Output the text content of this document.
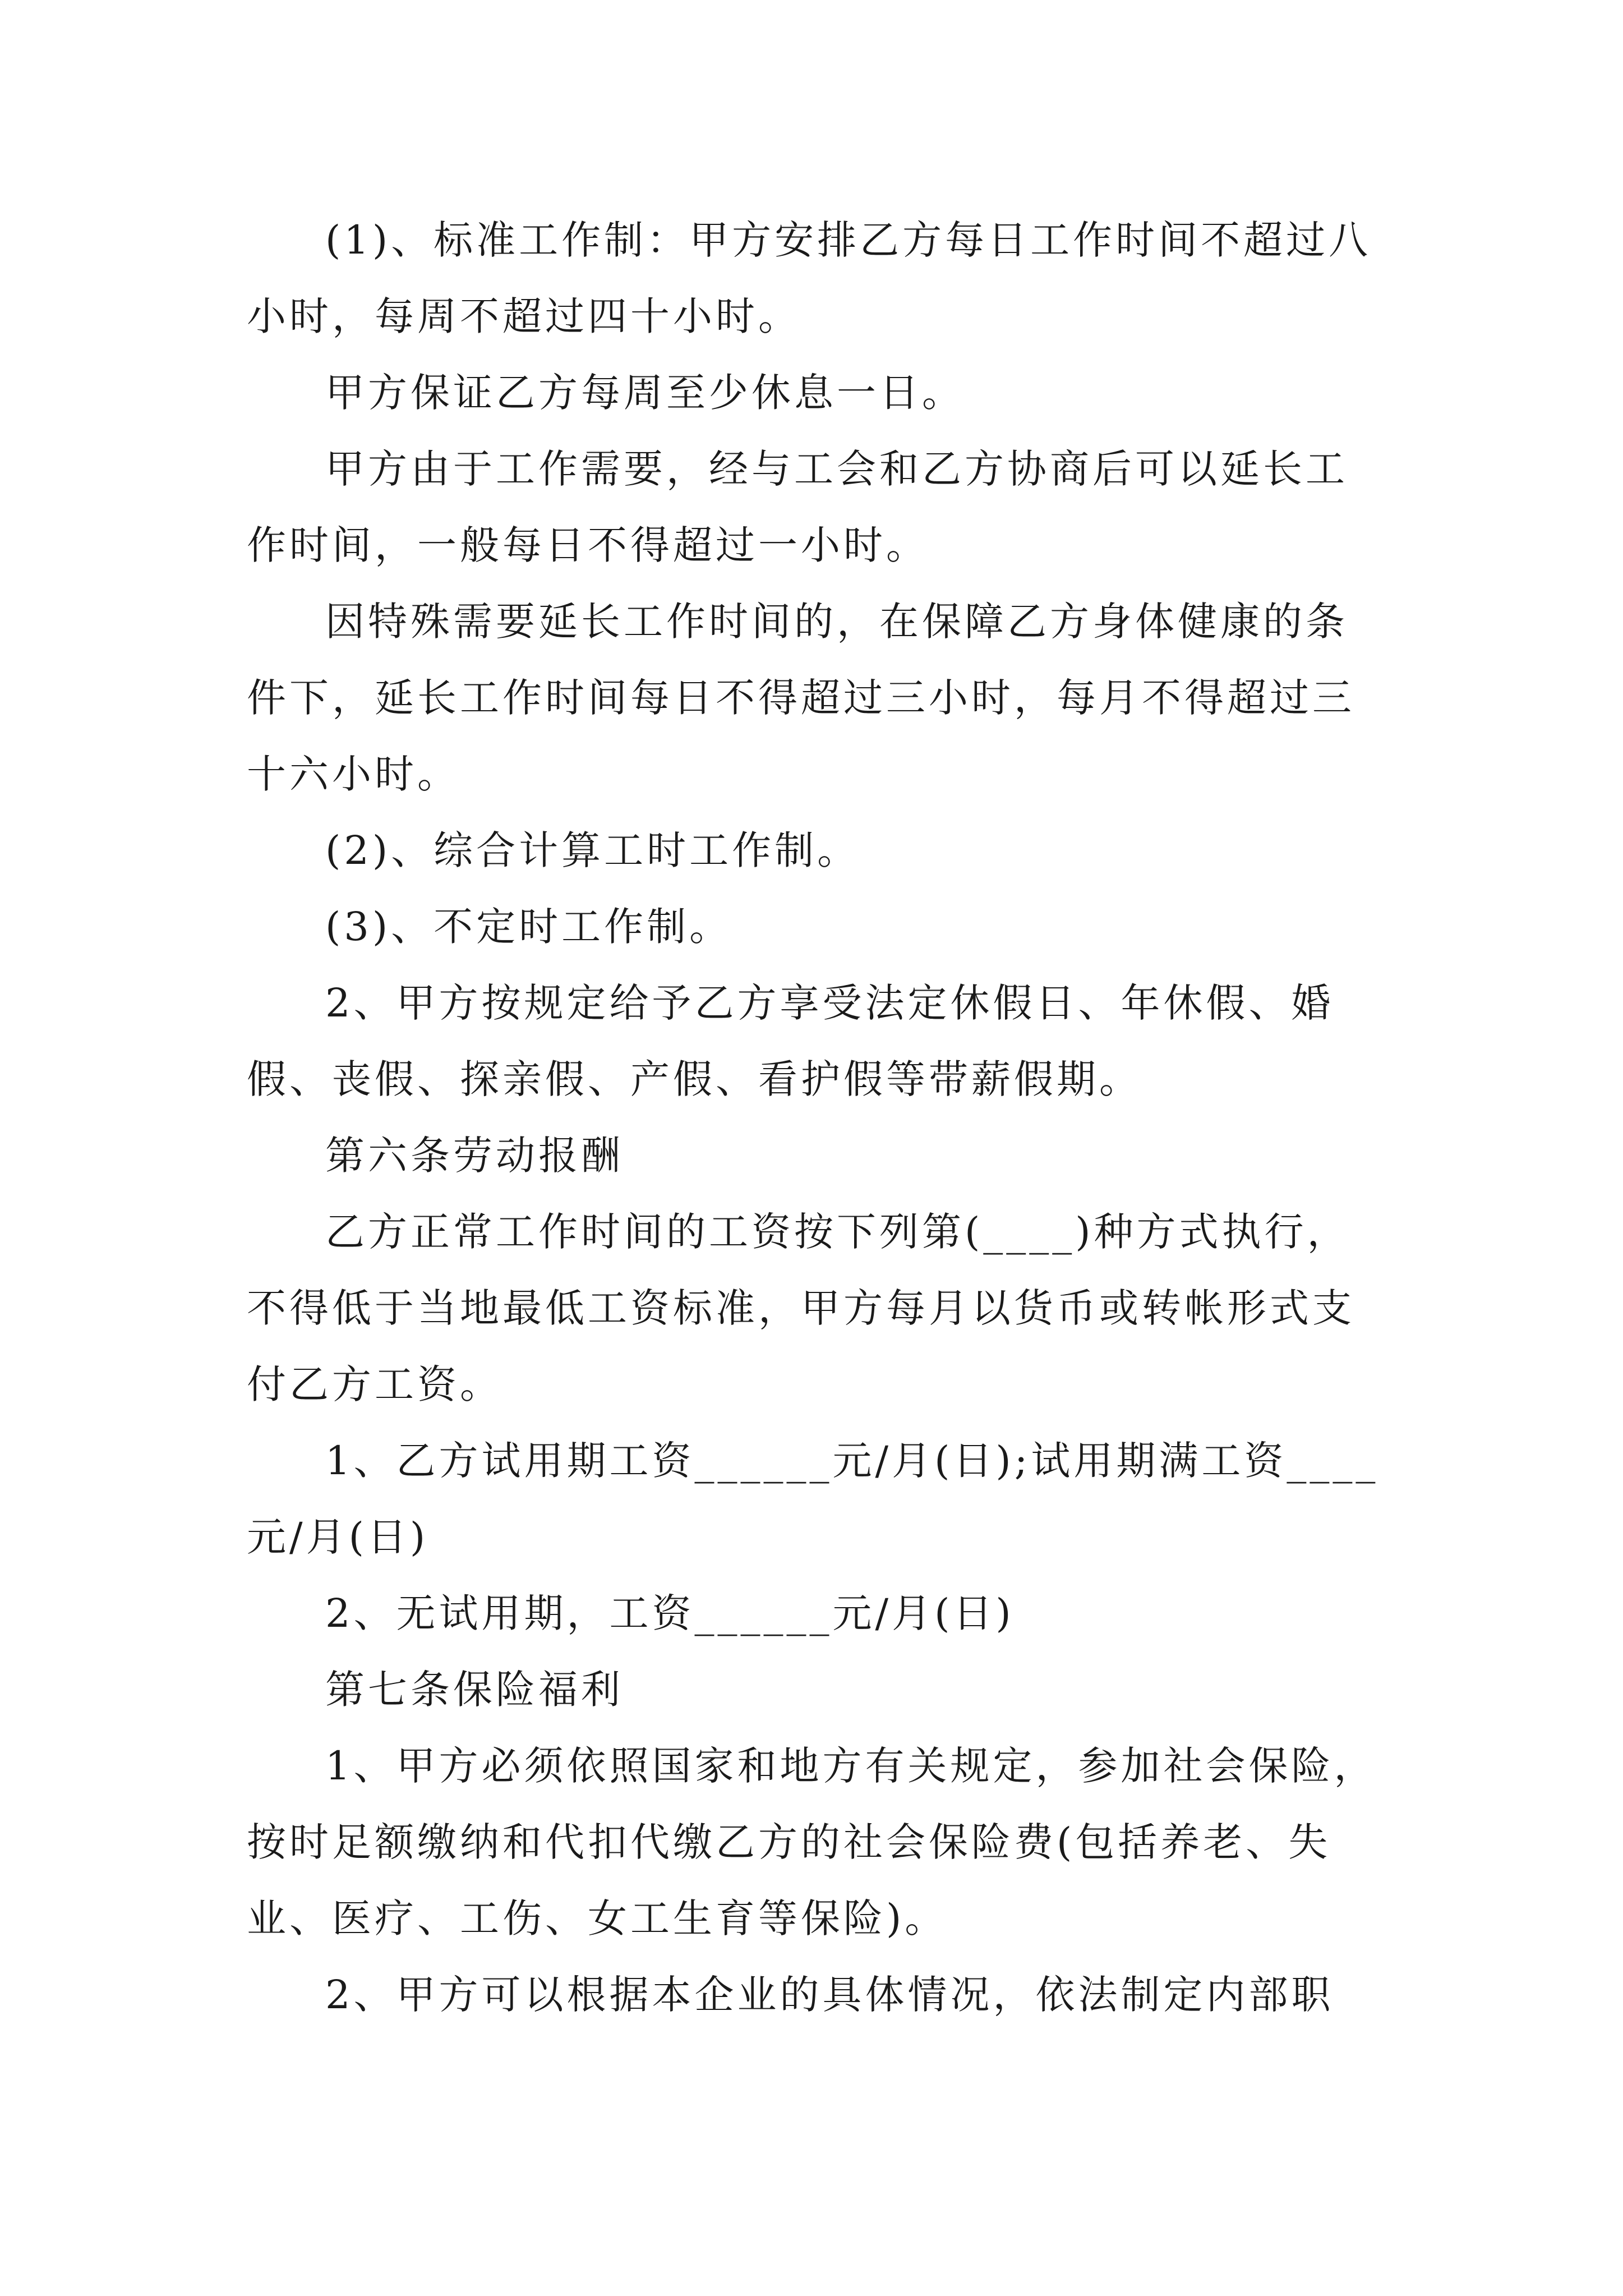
(1)、标准工作制：甲方安排乙方每日工作时间不超过八小时，每周不超过四十小时。

甲方保证乙方每周至少休息一日。

甲方由于工作需要，经与工会和乙方协商后可以延长工作时间，一般每日不得超过一小时。

因特殊需要延长工作时间的，在保障乙方身体健康的条件下，延长工作时间每日不得超过三小时，每月不得超过三十六小时。

(2)、综合计算工时工作制。

(3)、不定时工作制。

2、甲方按规定给予乙方享受法定休假日、年休假、婚假、丧假、探亲假、产假、看护假等带薪假期。

第六条劳动报酬

乙方正常工作时间的工资按下列第(____)种方式执行，不得低于当地最低工资标准，甲方每月以货币或转帐形式支付乙方工资。

1、乙方试用期工资______元/月(日);试用期满工资____元/月(日)

2、无试用期，工资______元/月(日)

第七条保险福利

1、甲方必须依照国家和地方有关规定，参加社会保险，按时足额缴纳和代扣代缴乙方的社会保险费(包括养老、失业、医疗、工伤、女工生育等保险)。

2、甲方可以根据本企业的具体情况，依法制定内部职
